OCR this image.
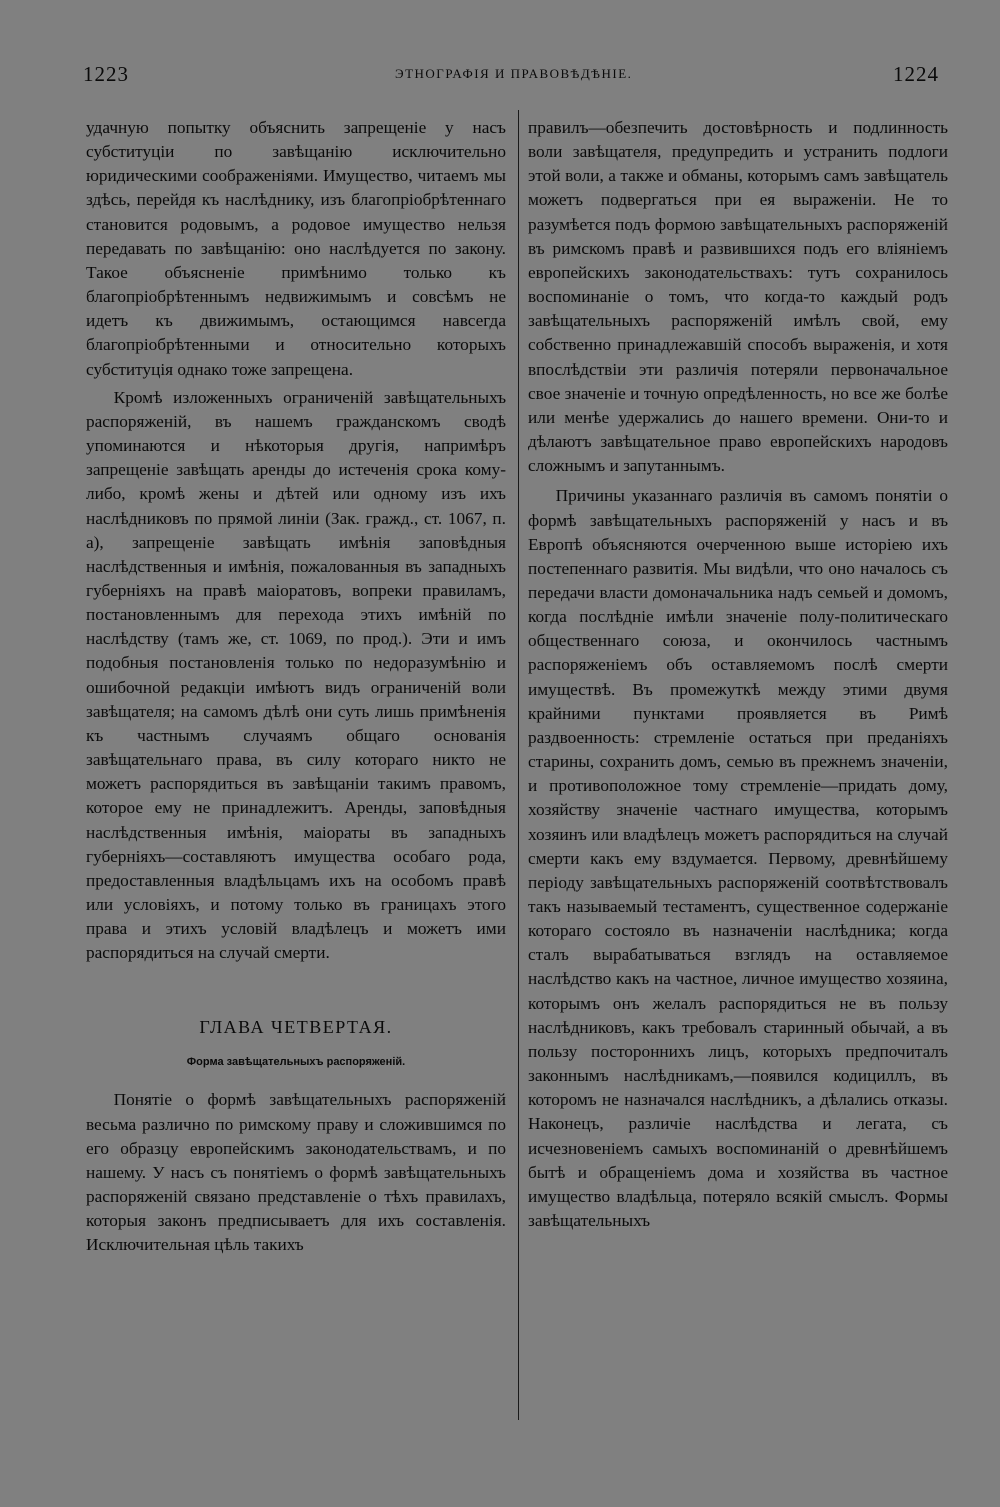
1223	ЭТНОГРАФIЯ И ПРАВОВѢДѢНIЕ.	1224

удачную попытку объяснить запрещеніе у насъ субституціи по завѣщанію исключительно юридическими соображеніями. Имущество, читаемъ мы здѣсь, перейдя къ наслѣднику, изъ благопріобрѣтеннаго становится родовымъ, а родовое имущество нельзя передавать по завѣщанію: оно наслѣдуется по закону. Такое объясненіе примѣнимо только къ благопріобрѣтеннымъ недвижимымъ и совсѣмъ не идетъ къ движимымъ, остающимся навсегда благопріобрѣтенными и относительно которыхъ субституція однако тоже запрещена.

Кромѣ изложенныхъ ограниченій завѣщательныхъ распоряженій, въ нашемъ гражданскомъ сводѣ упоминаются и нѣкоторыя другія, напримѣръ запрещеніе завѣщать аренды до истеченія срока кому-либо, кромѣ жены и дѣтей или одному изъ ихъ наслѣдниковъ по прямой линіи (Зак. гражд., ст. 1067, п. а), запрещеніе завѣщать имѣнія заповѣдныя наслѣдственныя и имѣнія, пожалованныя въ западныхъ губерніяхъ на правѣ маіоратовъ, вопреки правиламъ, постановленнымъ для перехода этихъ имѣній по наслѣдству (тамъ же, ст. 1069, по прод.). Эти и имъ подобныя постановленія только по недоразумѣнію и ошибочной редакціи имѣютъ видъ ограниченій воли завѣщателя; на самомъ дѣлѣ они суть лишь примѣненія къ частнымъ случаямъ общаго основанія завѣщательнаго права, въ силу котораго никто не можетъ распорядиться въ завѣщаніи такимъ правомъ, которое ему не принадлежитъ. Аренды, заповѣдныя наслѣдственныя имѣнія, маіораты въ западныхъ губерніяхъ—составляютъ имущества особаго рода, предоставленныя владѣльцамъ ихъ на особомъ правѣ или условіяхъ, и потому только въ границахъ этого права и этихъ условій владѣлецъ и можетъ ими распорядиться на случай смерти.

ГЛАВА ЧЕТВЕРТАЯ.
Форма завѣщательныхъ распоряженій.

Понятіе о формѣ завѣщательныхъ распоряженій весьма различно по римскому праву и сложившимся по его образцу европейскимъ законодательствамъ, и по нашему. У насъ съ понятіемъ о формѣ завѣщательныхъ распоряженій связано представленіе о тѣхъ правилахъ, которыя законъ предписываетъ для ихъ составленія. Исключительная цѣль такихъ

правилъ—обезпечить достовѣрность и подлинность воли завѣщателя, предупредить и устранить подлоги этой воли, а также и обманы, которымъ самъ завѣщатель можетъ подвергаться при ея выраженіи. Не то разумѣется подъ формою завѣщательныхъ распоряженій въ римскомъ правѣ и развившихся подъ его вліяніемъ европейскихъ законодательствахъ: тутъ сохранилось воспоминаніе о томъ, что когда-то каждый родъ завѣщательныхъ распоряженій имѣлъ свой, ему собственно принадлежавшій способъ выраженія, и хотя впослѣдствіи эти различія потеряли первоначальное свое значеніе и точную опредѣленность, но все же болѣе или менѣе удержались до нашего времени. Они-то и дѣлаютъ завѣщательное право европейскихъ народовъ сложнымъ и запутаннымъ.

Причины указаннаго различія въ самомъ понятіи о формѣ завѣщательныхъ распоряженій у насъ и въ Европѣ объясняются очерченною выше исторіею ихъ постепеннаго развитія. Мы видѣли, что оно началось съ передачи власти домоначальника надъ семьей и домомъ, когда послѣдніе имѣли значеніе полу-политическаго общественнаго союза, и окончилось частнымъ распоряженіемъ объ оставляемомъ послѣ смерти имуществѣ. Въ промежуткѣ между этими двумя крайними пунктами проявляется въ Римѣ раздвоенность: стремленіе остаться при преданіяхъ старины, сохранить домъ, семью въ прежнемъ значеніи, и противоположное тому стремленіе—придать дому, хозяйству значеніе частнаго имущества, которымъ хозяинъ или владѣлецъ можетъ распорядиться на случай смерти какъ ему вздумается. Первому, древнѣйшему періоду завѣщательныхъ распоряженій соотвѣтствовалъ такъ называемый тестаментъ, существенное содержаніе котораго состояло въ назначеніи наслѣдника; когда сталъ вырабатываться взглядъ на оставляемое наслѣдство какъ на частное, личное имущество хозяина, которымъ онъ желалъ распорядиться не въ пользу наслѣдниковъ, какъ требовалъ старинный обычай, а въ пользу постороннихъ лицъ, которыхъ предпочиталъ законнымъ наслѣдникамъ,—появился кодициллъ, въ которомъ не назначался наслѣдникъ, а дѣлались отказы. Наконецъ, различіе наслѣдства и легата, съ исчезновеніемъ самыхъ воспоминаній о древнѣйшемъ бытѣ и обращеніемъ дома и хозяйства въ частное имущество владѣльца, потеряло всякій смыслъ. Формы завѣщательныхъ
